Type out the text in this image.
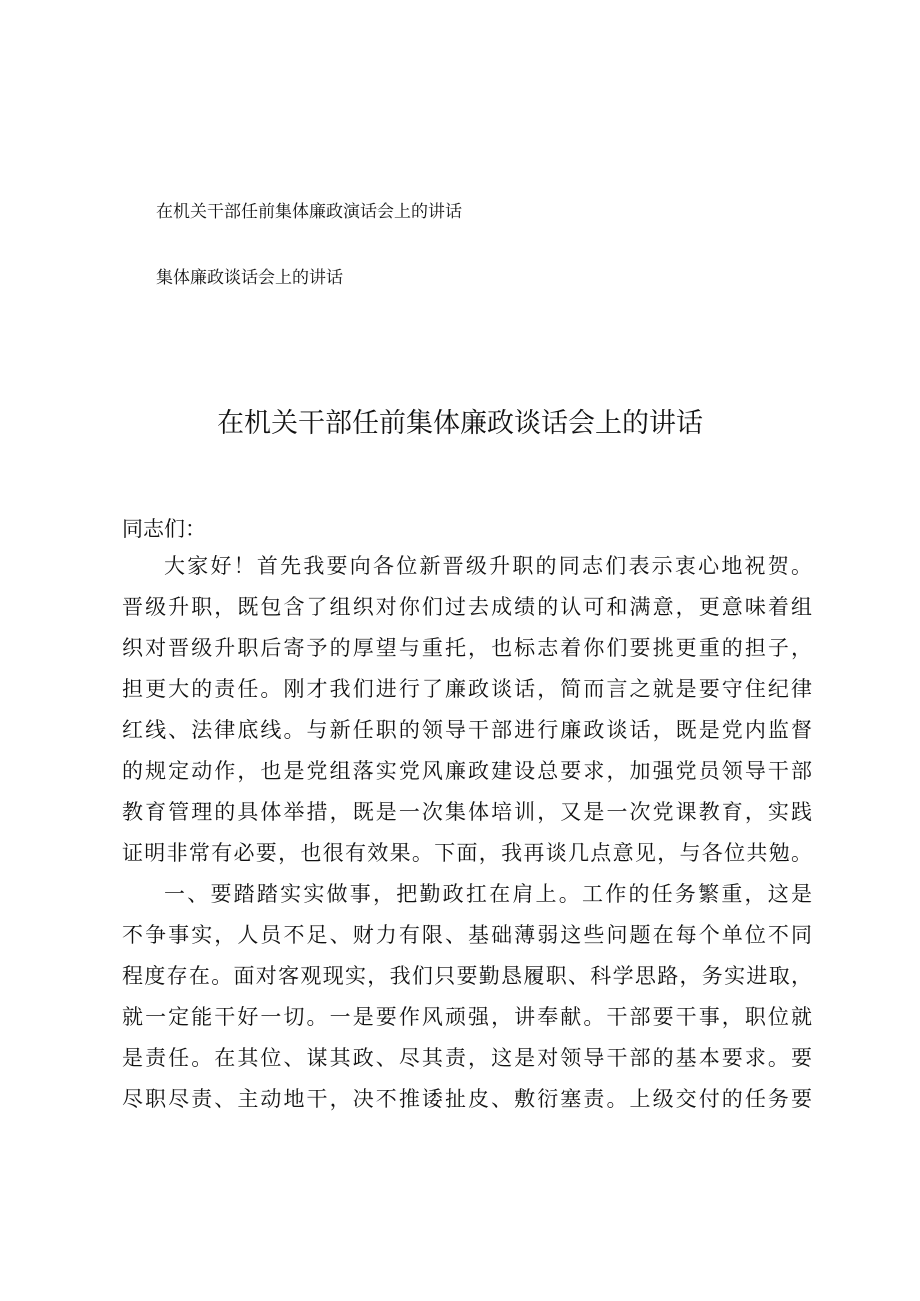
在机关干部任前集体廉政演话会上的讲话
集体廉政谈话会上的讲话
在机关干部任前集体廉政谈话会上的讲话
同志们：
大家好！首先我要向各位新晋级升职的同志们表示衷心地祝贺。
晋级升职，既包含了组织对你们过去成绩的认可和满意，更意味着组
织对晋级升职后寄予的厚望与重托，也标志着你们要挑更重的担子，
担更大的责任。刚才我们进行了廉政谈话，简而言之就是要守住纪律
红线、法律底线。与新任职的领导干部进行廉政谈话，既是党内监督
的规定动作，也是党组落实党风廉政建设总要求，加强党员领导干部
教育管理的具体举措，既是一次集体培训，又是一次党课教育，实践
证明非常有必要，也很有效果。下面，我再谈几点意见，与各位共勉。
一、要踏踏实实做事，把勤政扛在肩上。工作的任务繁重，这是
不争事实，人员不足、财力有限、基础薄弱这些问题在每个单位不同
程度存在。面对客观现实，我们只要勤恳履职、科学思路，务实进取，
就一定能干好一切。一是要作风顽强，讲奉献。干部要干事，职位就
是责任。在其位、谋其政、尽其责，这是对领导干部的基本要求。要
尽职尽责、主动地干，决不推诿扯皮、敷衍塞责。上级交付的任务要
